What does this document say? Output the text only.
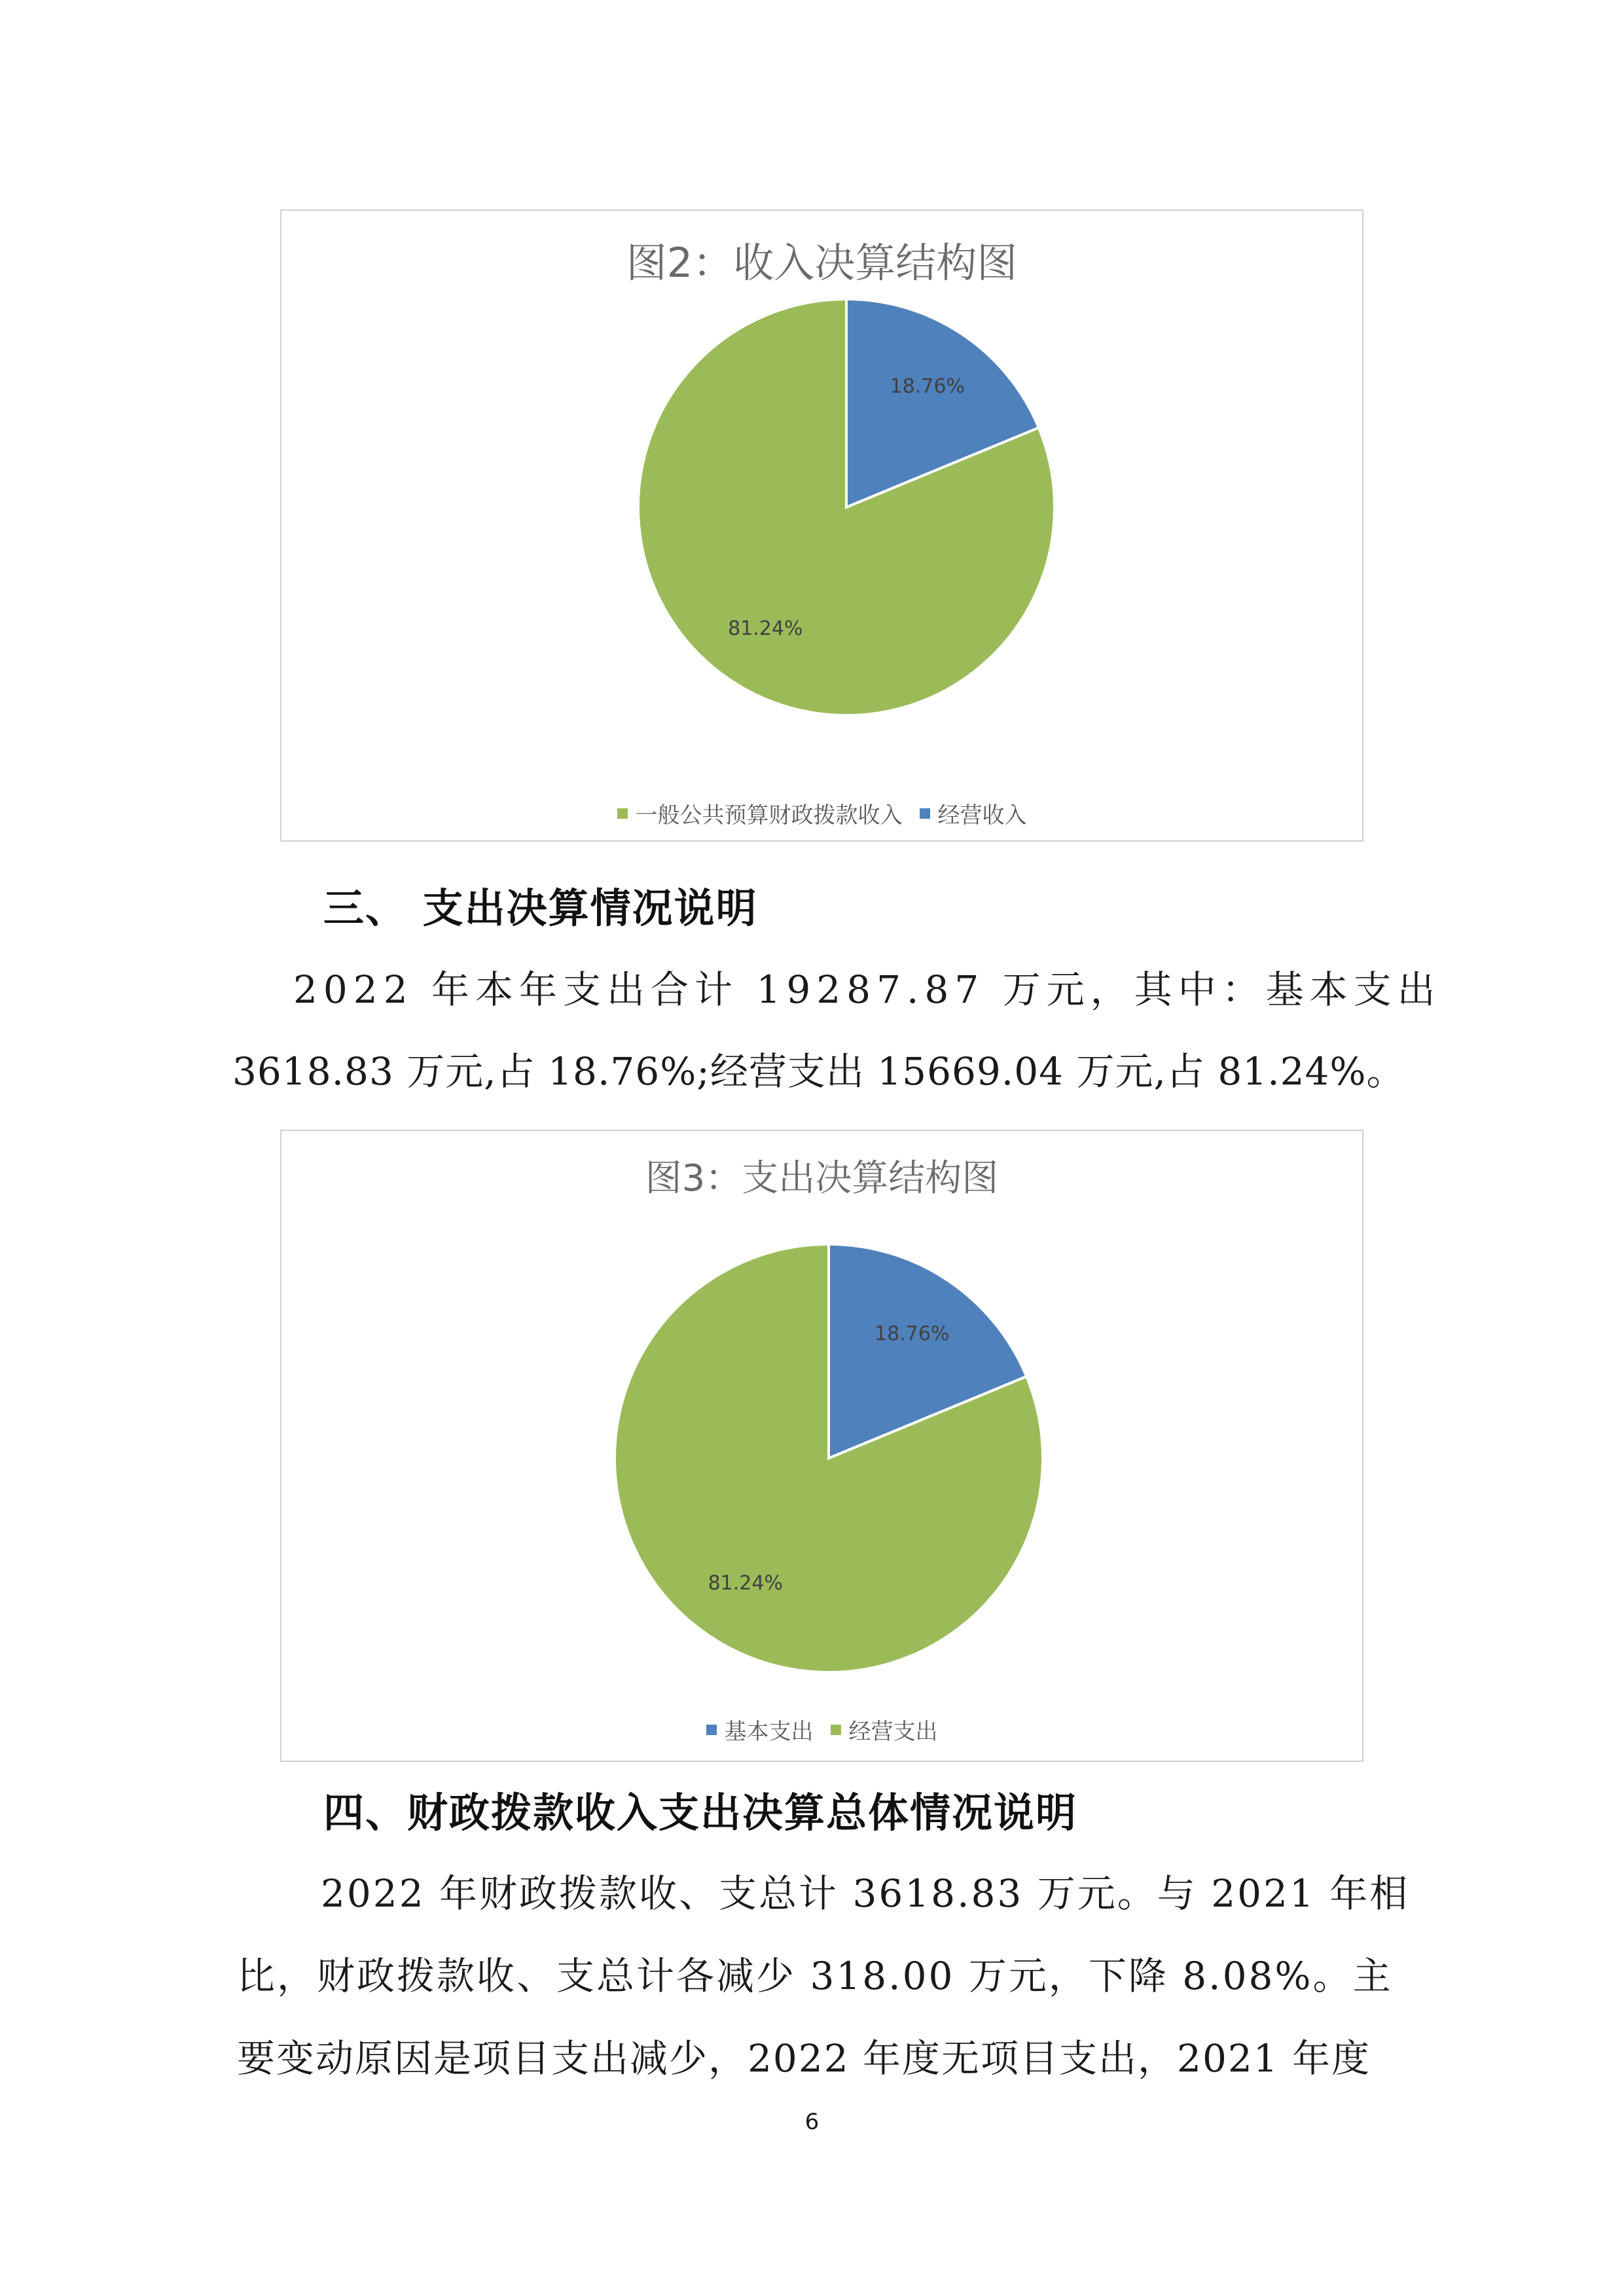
图2：收入决算结构图
18.76%
81.24%
一般公共预算财政拨款收入 经营收入
三、 支出决算情况说明
2022 年本年支出合计 19287.87 万元，其中：基本支出
3618.83 万元,占 18.76%;经营支出 15669.04 万元,占 81.24%。
图3：支出决算结构图
18.76%
81.24%
基本支出 经营支出
四、财政拨款收入支出决算总体情况说明
2022 年财政拨款收、支总计 3618.83 万元。与 2021 年相
比，财政拨款收、支总计各减少 318.00 万元，下降 8.08%。主
要变动原因是项目支出减少，2022 年度无项目支出，2021 年度
6
